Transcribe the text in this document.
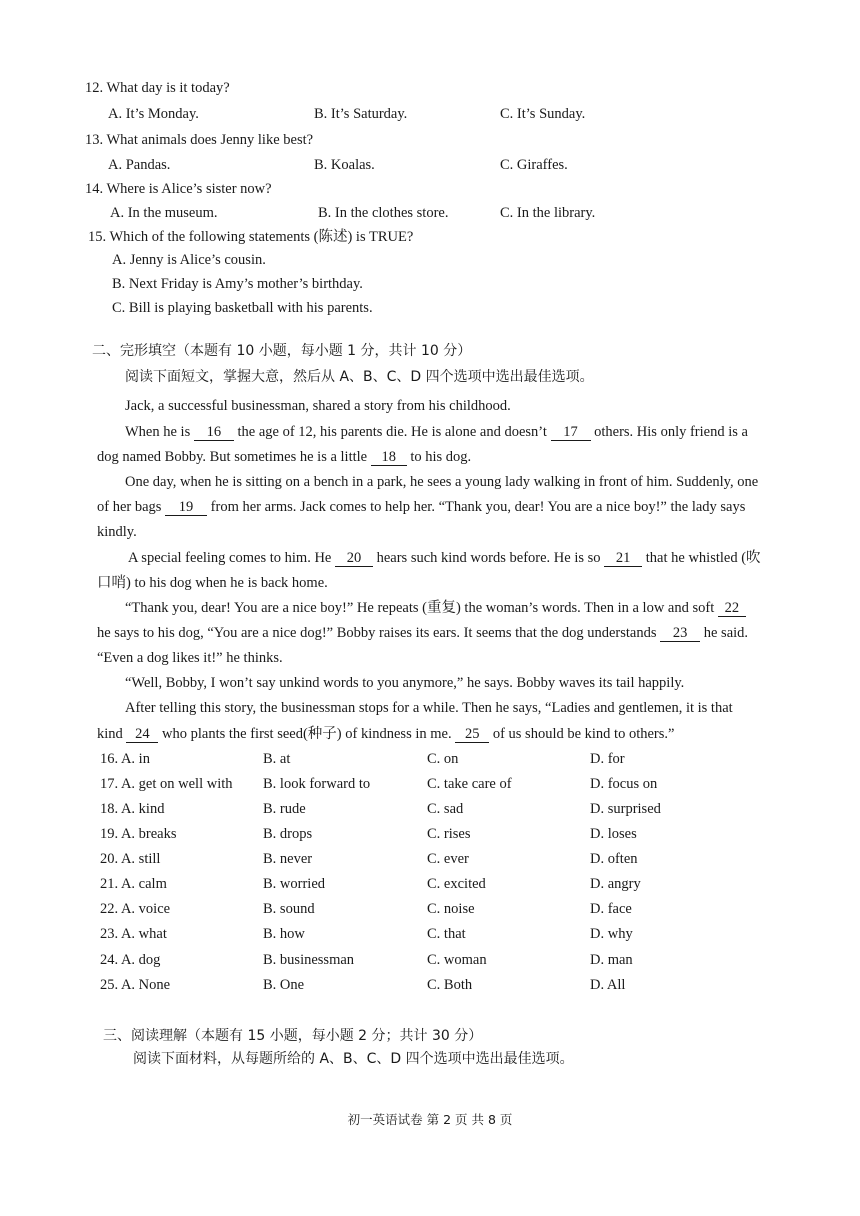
12. What day is it today?
A. It’s Monday.	B. It’s Saturday.	C. It’s Sunday.
13. What animals does Jenny like best?
A. Pandas.	B. Koalas.	C. Giraffes.
14. Where is Alice’s sister now?
A. In the museum.	B. In the clothes store.	C. In the library.
15. Which of the following statements (陈述) is TRUE?
A. Jenny is Alice’s cousin.
B. Next Friday is Amy’s mother’s birthday.
C. Bill is playing basketball with his parents.
二、完形填空（本题有 10 小题，每小题 1 分，共计 10 分）
阅读下面短文，掌握大意，然后从 A、B、C、D 四个选项中选出最佳选项。
Jack, a successful businessman, shared a story from his childhood.
When he is 16 the age of 12, his parents die. He is alone and doesn’t 17 others. His only friend is a
dog named Bobby. But sometimes he is a little 18 to his dog.
One day, when he is sitting on a bench in a park, he sees a young lady walking in front of him. Suddenly, one
of her bags 19 from her arms. Jack comes to help her. “Thank you, dear! You are a nice boy!” the lady says
kindly.
A special feeling comes to him. He 20 hears such kind words before. He is so 21 that he whistled (吹
口哨) to his dog when he is back home.
“Thank you, dear! You are a nice boy!” He repeats (重复) the woman’s words. Then in a low and soft 22
he says to his dog, “You are a nice dog!” Bobby raises its ears. It seems that the dog understands 23 he said.
“Even a dog likes it!” he thinks.
“Well, Bobby, I won’t say unkind words to you anymore,” he says. Bobby waves its tail happily.
After telling this story, the businessman stops for a while. Then he says, “Ladies and gentlemen, it is that
kind 24 who plants the first seed(种子) of kindness in me. 25 of us should be kind to others.”
16. A. in	B. at	C. on	D. for
17. A. get on well with B. look forward to	C. take care of	D. focus on
18. A. kind	B. rude	C. sad	D. surprised
19. A. breaks	B. drops	C. rises	D. loses
20. A. still	B. never	C. ever	D. often
21. A. calm	B. worried	C. excited	D. angry
22. A. voice	B. sound	C. noise	D. face
23. A. what	B. how	C. that	D. why
24. A. dog	B. businessman	C. woman	D. man
25. A. None	B. One	C. Both	D. All
三、阅读理解（本题有 15 小题，每小题 2 分；共计 30 分）
阅读下面材料，从每题所给的 A、B、C、D 四个选项中选出最佳选项。
初一英语试卷 第 2 页 共 8 页
